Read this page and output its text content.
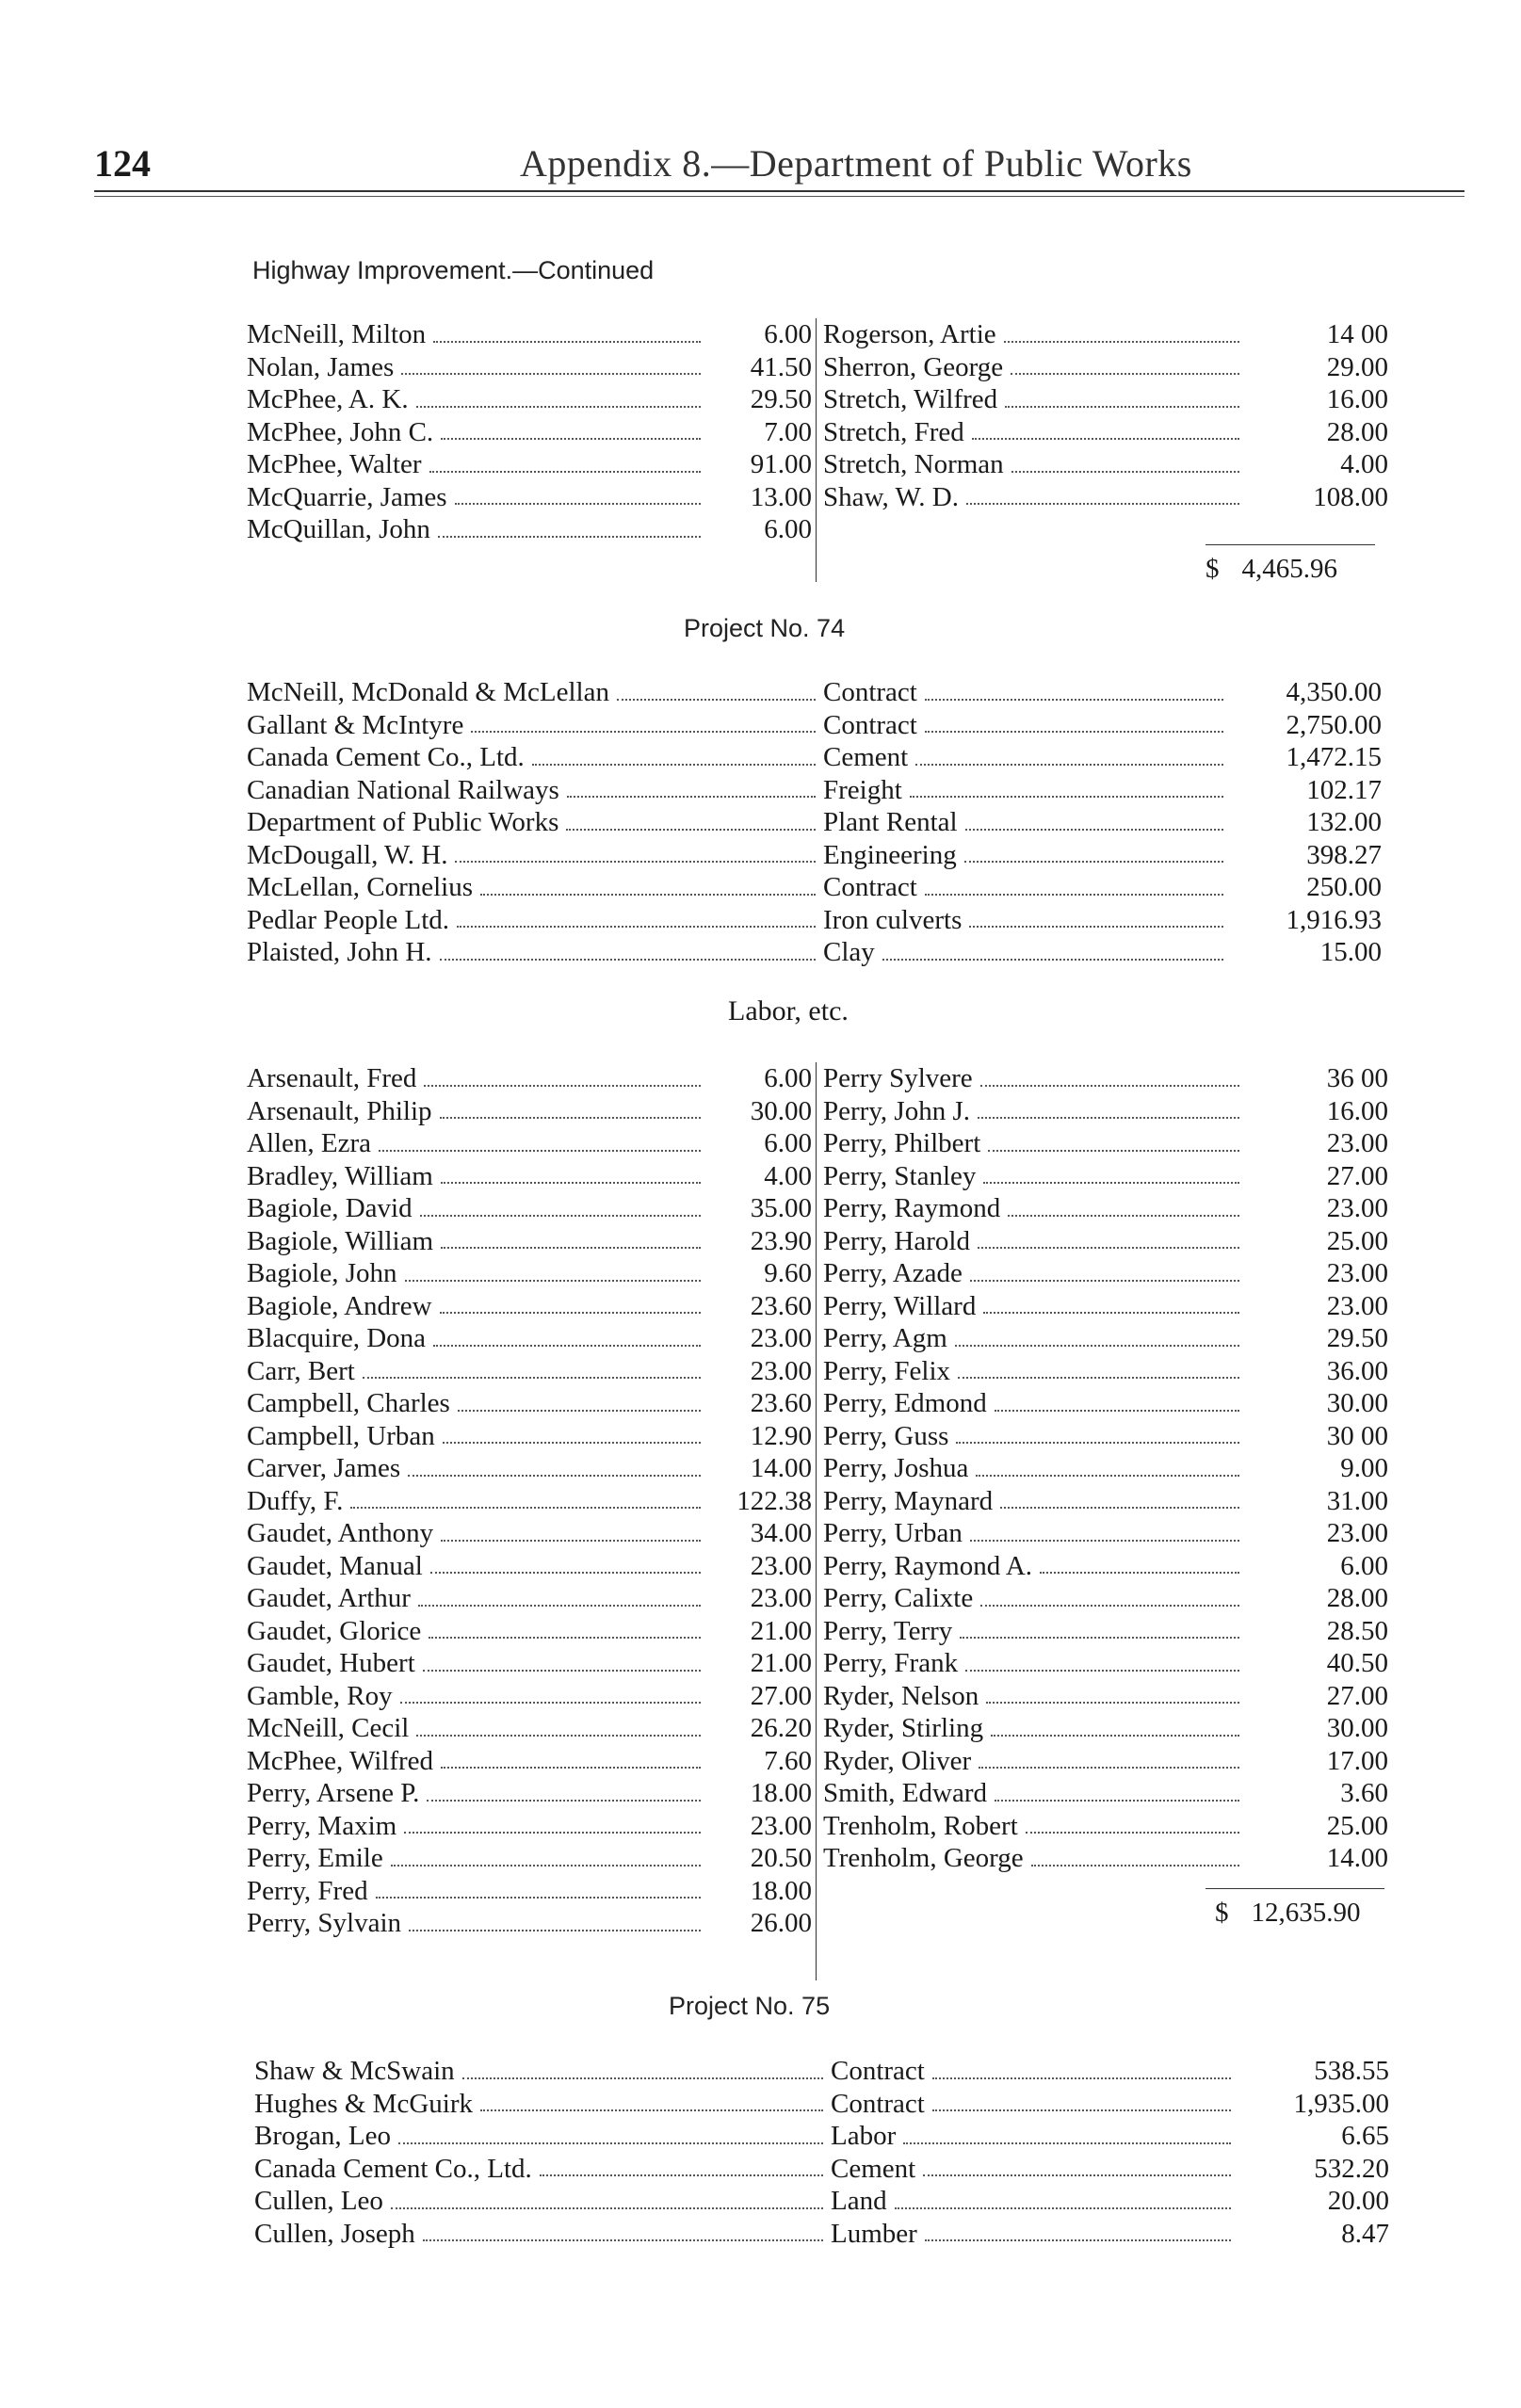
124	Appendix 8.—Department of Public Works
Highway Improvement.—Continued
McNeill, Milton	6.00
Nolan, James	41.50
McPhee, A. K.	29.50
McPhee, John C.	7.00
McPhee, Walter	91.00
McQuarrie, James	13.00
McQuillan, John	6.00
Rogerson, Artie	14 00
Sherron, George	29.00
Stretch, Wilfred	16.00
Stretch, Fred	28.00
Stretch, Norman	4.00
Shaw, W. D.	108.00
$ 4,465.96
Project No. 74
McNeill, McDonald & McLellan	Contract	4,350.00
Gallant & McIntyre	Contract	2,750.00
Canada Cement Co., Ltd.	Cement	1,472.15
Canadian National Railways	Freight	102.17
Department of Public Works	Plant Rental	132.00
McDougall, W. H.	Engineering	398.27
McLellan, Cornelius	Contract	250.00
Pedlar People Ltd.	Iron culverts	1,916.93
Plaisted, John H.	Clay	15.00
Labor, etc.
Arsenault, Fred	6.00
Arsenault, Philip	30.00
Allen, Ezra	6.00
Bradley, William	4.00
Bagiole, David	35.00
Bagiole, William	23.90
Bagiole, John	9.60
Bagiole, Andrew	23.60
Blacquire, Dona	23.00
Carr, Bert	23.00
Campbell, Charles	23.60
Campbell, Urban	12.90
Carver, James	14.00
Duffy, F.	122.38
Gaudet, Anthony	34.00
Gaudet, Manual	23.00
Gaudet, Arthur	23.00
Gaudet, Glorice	21.00
Gaudet, Hubert	21.00
Gamble, Roy	27.00
McNeill, Cecil	26.20
McPhee, Wilfred	7.60
Perry, Arsene P.	18.00
Perry, Maxim	23.00
Perry, Emile	20.50
Perry, Fred	18.00
Perry, Sylvain	26.00
Perry Sylvere	36 00
Perry, John J.	16.00
Perry, Philbert	23.00
Perry, Stanley	27.00
Perry, Raymond	23.00
Perry, Harold	25.00
Perry, Azade	23.00
Perry, Willard	23.00
Perry, Agm	29.50
Perry, Felix	36.00
Perry, Edmond	30.00
Perry, Guss	30 00
Perry, Joshua	9.00
Perry, Maynard	31.00
Perry, Urban	23.00
Perry, Raymond A.	6.00
Perry, Calixte	28.00
Perry, Terry	28.50
Perry, Frank	40.50
Ryder, Nelson	27.00
Ryder, Stirling	30.00
Ryder, Oliver	17.00
Smith, Edward	3.60
Trenholm, Robert	25.00
Trenholm, George	14.00
$ 12,635.90
Project No. 75
Shaw & McSwain	Contract	538.55
Hughes & McGuirk	Contract	1,935.00
Brogan, Leo	Labor	6.65
Canada Cement Co., Ltd.	Cement	532.20
Cullen, Leo	Land	20.00
Cullen, Joseph	Lumber	8.47
